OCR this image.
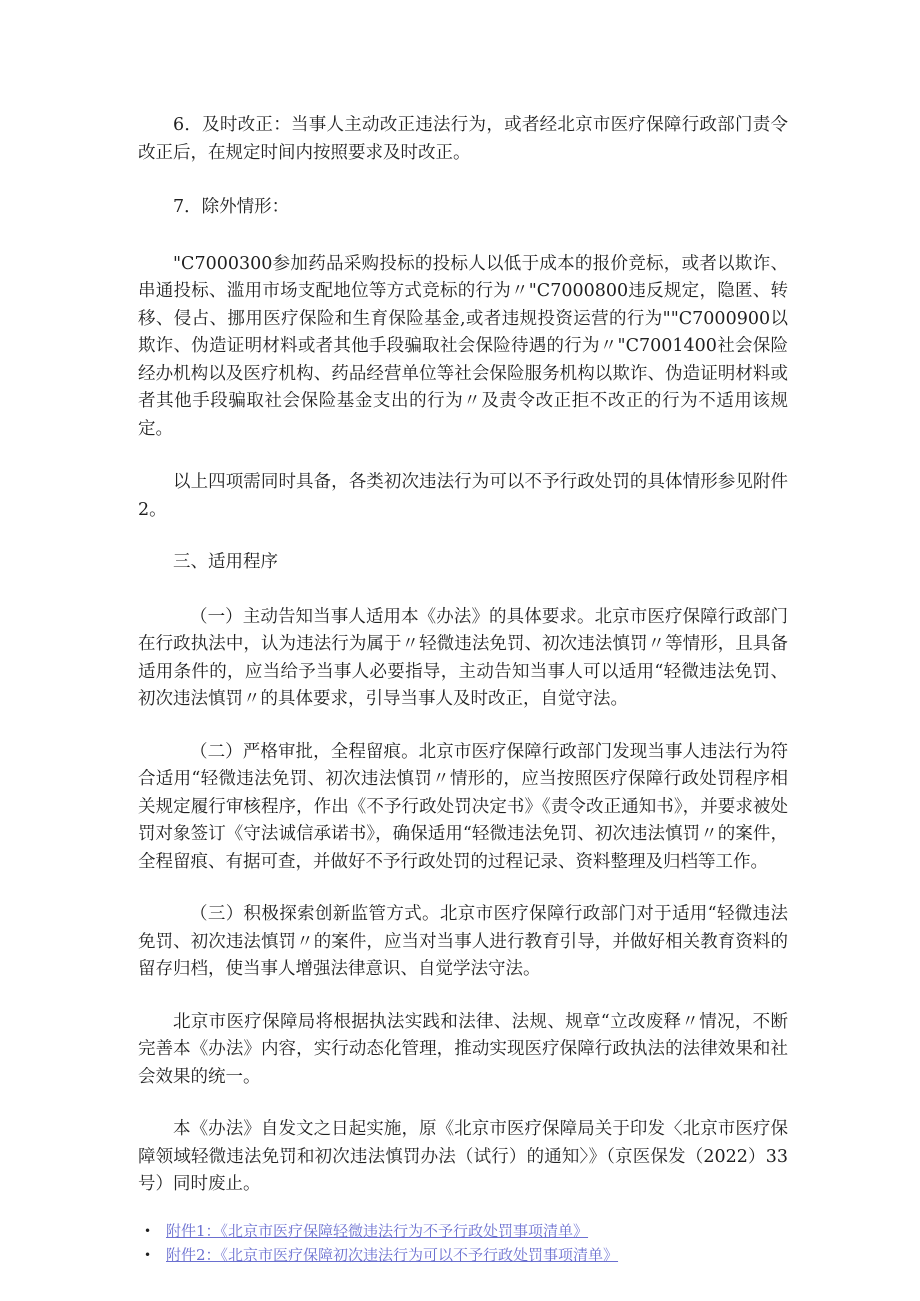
6．及时改正：当事人主动改正违法行为，或者经北京市医疗保障行政部门责令改正后，在规定时间内按照要求及时改正。

7．除外情形：

"C7000300参加药品采购投标的投标人以低于成本的报价竞标，或者以欺诈、串通投标、滥用市场支配地位等方式竞标的行为〃"C7000800违反规定，隐匿、转移、侵占、挪用医疗保险和生育保险基金,或者违规投资运营的行为""C7000900以欺诈、伪造证明材料或者其他手段骗取社会保险待遇的行为〃"C7001400社会保险经办机构以及医疗机构、药品经营单位等社会保险服务机构以欺诈、伪造证明材料或者其他手段骗取社会保险基金支出的行为〃及责令改正拒不改正的行为不适用该规定。

以上四项需同时具备，各类初次违法行为可以不予行政处罚的具体情形参见附件2。

三、适用程序

（一）主动告知当事人适用本《办法》的具体要求。北京市医疗保障行政部门在行政执法中，认为违法行为属于〃轻微违法免罚、初次违法慎罚〃等情形，且具备适用条件的，应当给予当事人必要指导，主动告知当事人可以适用“轻微违法免罚、初次违法慎罚〃的具体要求，引导当事人及时改正，自觉守法。

（二）严格审批，全程留痕。北京市医疗保障行政部门发现当事人违法行为符合适用“轻微违法免罚、初次违法慎罚〃情形的，应当按照医疗保障行政处罚程序相关规定履行审核程序，作出《不予行政处罚决定书》《责令改正通知书》，并要求被处罚对象签订《守法诚信承诺书》，确保适用“轻微违法免罚、初次违法慎罚〃的案件，全程留痕、有据可查，并做好不予行政处罚的过程记录、资料整理及归档等工作。

（三）积极探索创新监管方式。北京市医疗保障行政部门对于适用“轻微违法免罚、初次违法慎罚〃的案件，应当对当事人进行教育引导，并做好相关教育资料的留存归档，使当事人增强法律意识、自觉学法守法。

北京市医疗保障局将根据执法实践和法律、法规、规章“立改废释〃情况，不断完善本《办法》内容，实行动态化管理，推动实现医疗保障行政执法的法律效果和社会效果的统一。

本《办法》自发文之日起实施，原《北京市医疗保障局关于印发〈北京市医疗保障领域轻微违法免罚和初次违法慎罚办法（试行）的通知〉》（京医保发（2022）33号）同时废止。

• 附件1：《北京市医疗保障轻微违法行为不予行政处罚事项清单》
• 附件2：《北京市医疗保障初次违法行为可以不予行政处罚事项清单》
